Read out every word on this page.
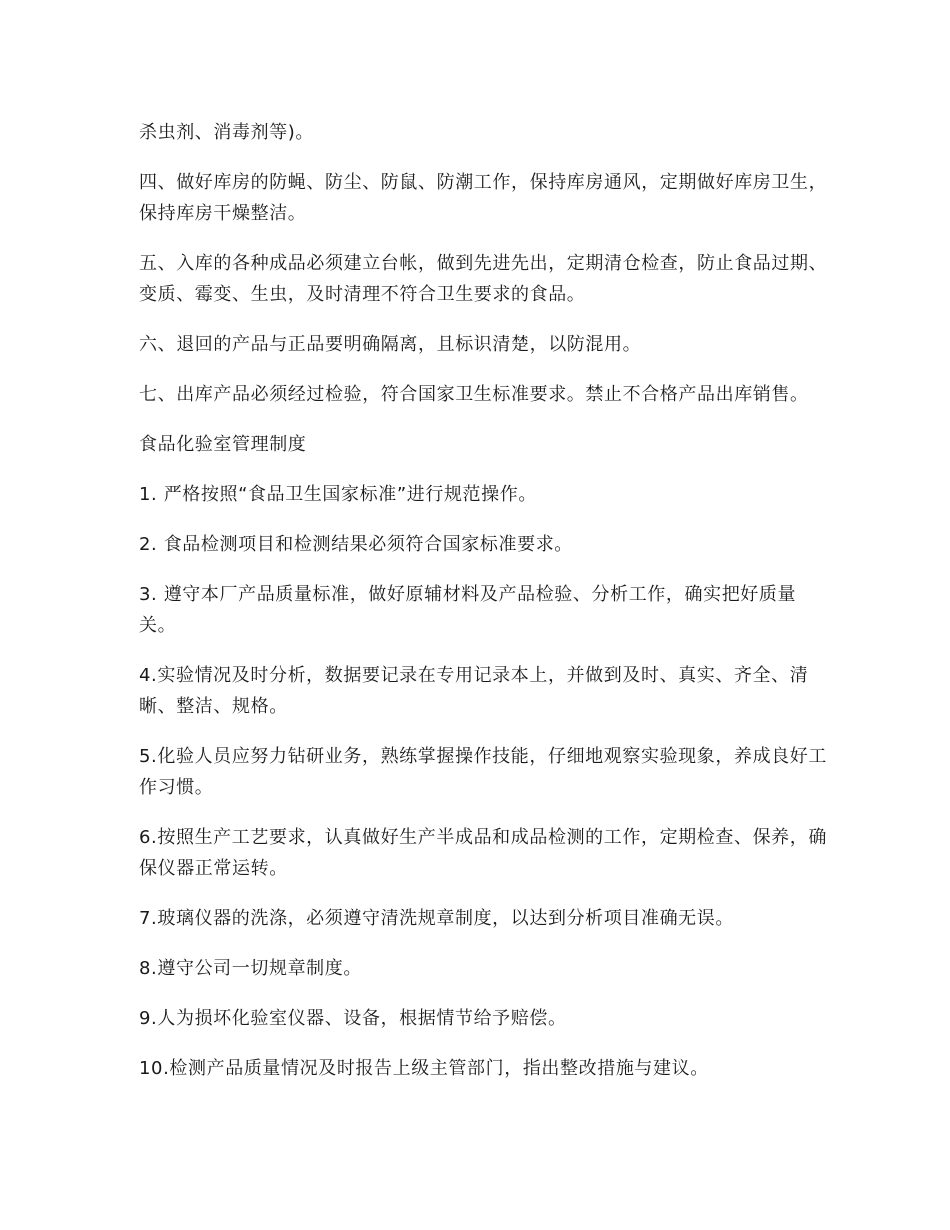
杀虫剂、消毒剂等)。

四、做好库房的防蝇、防尘、防鼠、防潮工作，保持库房通风，定期做好库房卫生，保持库房干燥整洁。

五、入库的各种成品必须建立台帐，做到先进先出，定期清仓检查，防止食品过期、变质、霉变、生虫，及时清理不符合卫生要求的食品。

六、退回的产品与正品要明确隔离，且标识清楚，以防混用。

七、出库产品必须经过检验，符合国家卫生标准要求。禁止不合格产品出库销售。

食品化验室管理制度

1. 严格按照“食品卫生国家标准”进行规范操作。

2. 食品检测项目和检测结果必须符合国家标准要求。

3. 遵守本厂产品质量标准，做好原辅材料及产品检验、分析工作，确实把好质量关。

4.实验情况及时分析，数据要记录在专用记录本上，并做到及时、真实、齐全、清晰、整洁、规格。

5.化验人员应努力钻研业务，熟练掌握操作技能，仔细地观察实验现象，养成良好工作习惯。

6.按照生产工艺要求，认真做好生产半成品和成品检测的工作，定期检查、保养，确保仪器正常运转。

7.玻璃仪器的洗涤，必须遵守清洗规章制度，以达到分析项目准确无误。

8.遵守公司一切规章制度。

9.人为损坏化验室仪器、设备，根据情节给予赔偿。

10.检测产品质量情况及时报告上级主管部门，指出整改措施与建议。
